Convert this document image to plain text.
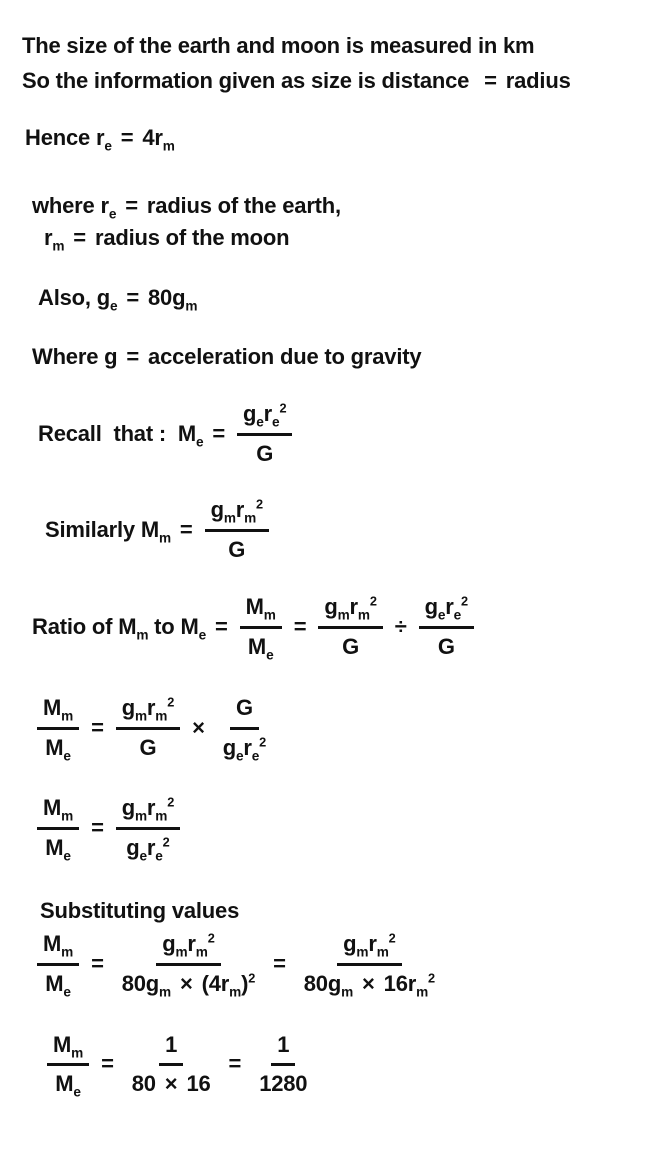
The size of the earth and moon is measured in km
So the information given as size is distance = radius
Hence $r_e = 4r_m$
where $r_e$ = radius of the earth,
$r_m$ = radius of the moon
Also, $g_e = 80g_m$
Where g = acceleration due to gravity
Recall  that : $M_e = \frac{g_e r_e^2}{G}$
Similarly $M_m = \frac{g_m r_m^2}{G}$
Ratio of $M_m$ to $M_e = \frac{M_m}{M_e} = \frac{g_m r_m^2}{G} \div \frac{g_e r_e^2}{G}$
$\frac{M_m}{M_e} = \frac{g_m r_m^2}{G} \times \frac{G}{g_e r_e^2}$
$\frac{M_m}{M_e} = \frac{g_m r_m^2}{g_e r_e^2}$
Substituting values
$\frac{M_m}{M_e} = \frac{g_m r_m^2}{80g_m \times (4r_m )^2} = \frac{g_m r_m^2}{80g_m \times 16r_m^2}$
$\frac{M_m}{M_e} = \frac{1}{80 \times 16} = \frac{1}{1280}$
